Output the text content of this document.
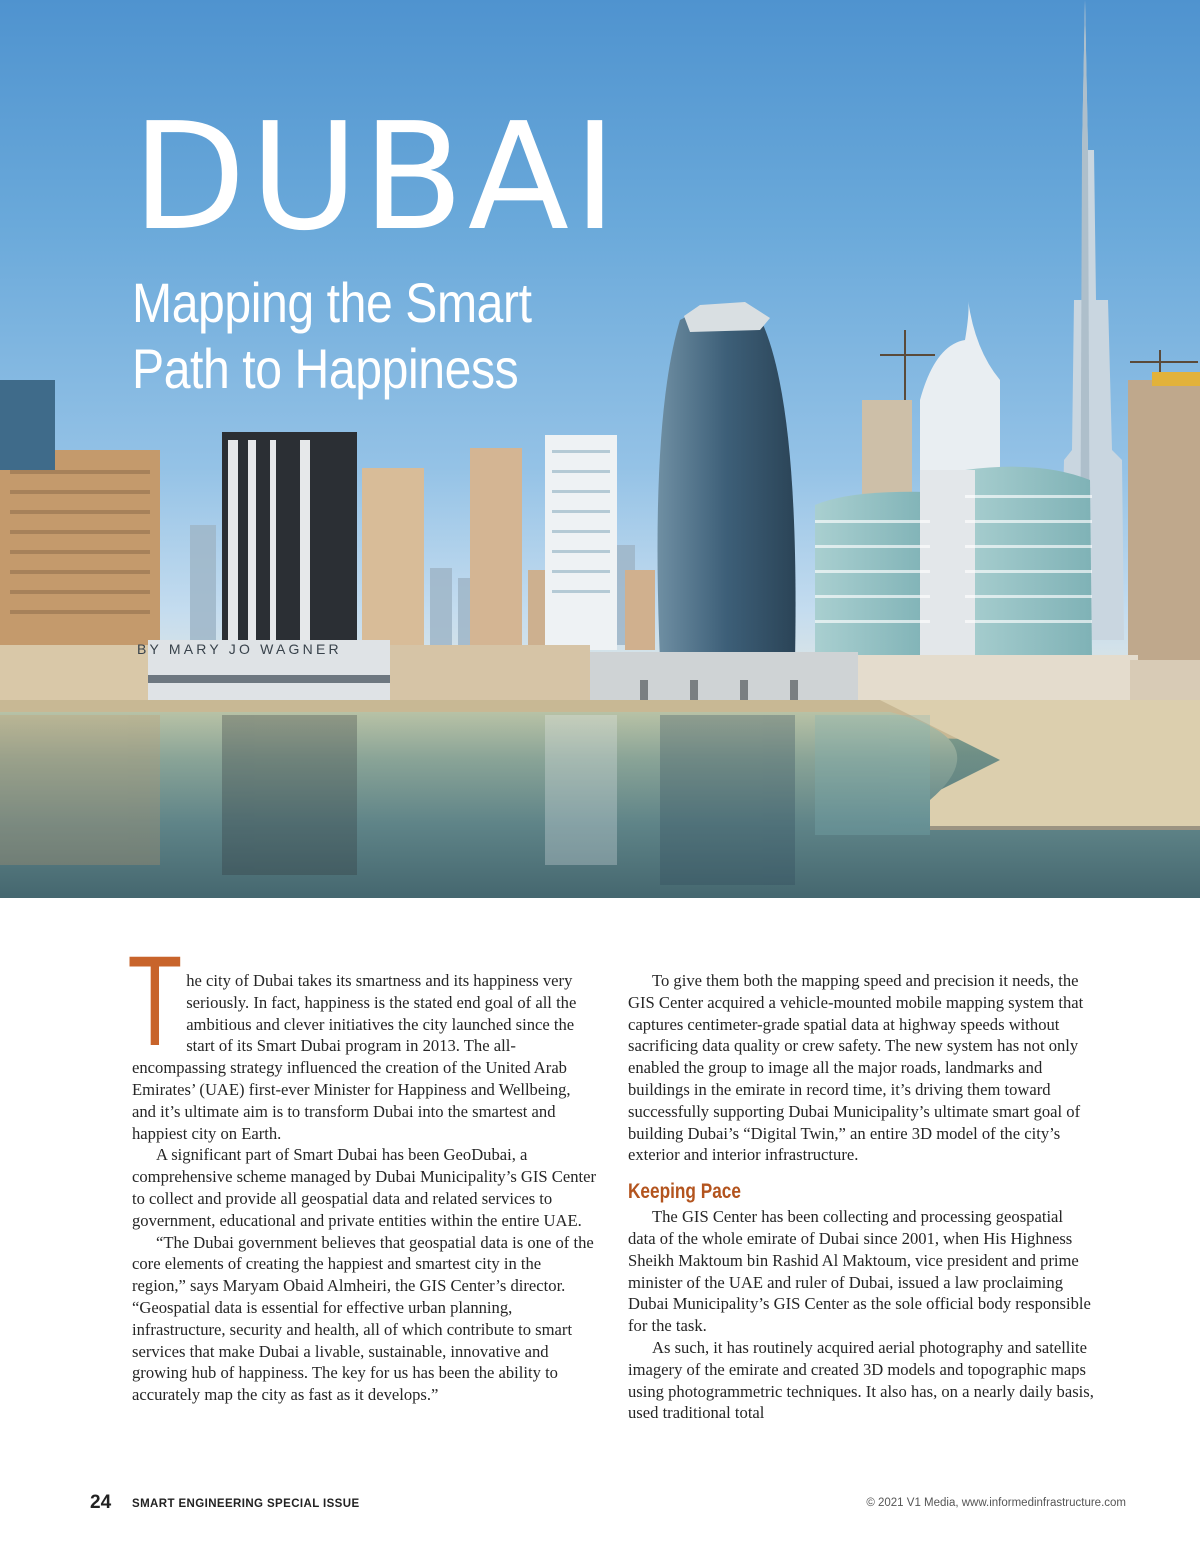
DUBAI
Mapping the Smart
Path to Happiness
BY MARY JO WAGNER

The city of Dubai takes its smartness and its happiness very seriously. In fact, happiness is the stated end goal of all the ambitious and clever initiatives the city launched since the start of its Smart Dubai program in 2013. The all-encompassing strategy influenced the creation of the United Arab Emirates’ (UAE) first-ever Minister for Happiness and Wellbeing, and it’s ultimate aim is to transform Dubai into the smartest and happiest city on Earth.

A significant part of Smart Dubai has been GeoDubai, a comprehensive scheme managed by Dubai Municipality’s GIS Center to collect and provide all geospatial data and related services to government, educational and private entities within the entire UAE.

“The Dubai government believes that geospatial data is one of the core elements of creating the happiest and smartest city in the region,” says Maryam Obaid Almheiri, the GIS Center’s director. “Geospatial data is essential for effective urban planning, infrastructure, security and health, all of which contribute to smart services that make Dubai a livable, sustainable, innovative and growing hub of happiness. The key for us has been the ability to accurately map the city as fast as it develops.”

To give them both the mapping speed and precision it needs, the GIS Center acquired a vehicle-mounted mobile mapping system that captures centimeter-grade spatial data at highway speeds without sacrificing data quality or crew safety. The new system has not only enabled the group to image all the major roads, landmarks and buildings in the emirate in record time, it’s driving them toward successfully supporting Dubai Municipality’s ultimate smart goal of building Dubai’s “Digital Twin,” an entire 3D model of the city’s exterior and interior infrastructure.

Keeping Pace

The GIS Center has been collecting and processing geospatial data of the whole emirate of Dubai since 2001, when His Highness Sheikh Maktoum bin Rashid Al Maktoum, vice president and prime minister of the UAE and ruler of Dubai, issued a law proclaiming Dubai Municipality’s GIS Center as the sole official body responsible for the task.

As such, it has routinely acquired aerial photography and satellite imagery of the emirate and created 3D models and topographic maps using photogrammetric techniques. It also has, on a nearly daily basis, used traditional total

24 SMART ENGINEERING SPECIAL ISSUE	© 2021 V1 Media, www.informedinfrastructure.com
